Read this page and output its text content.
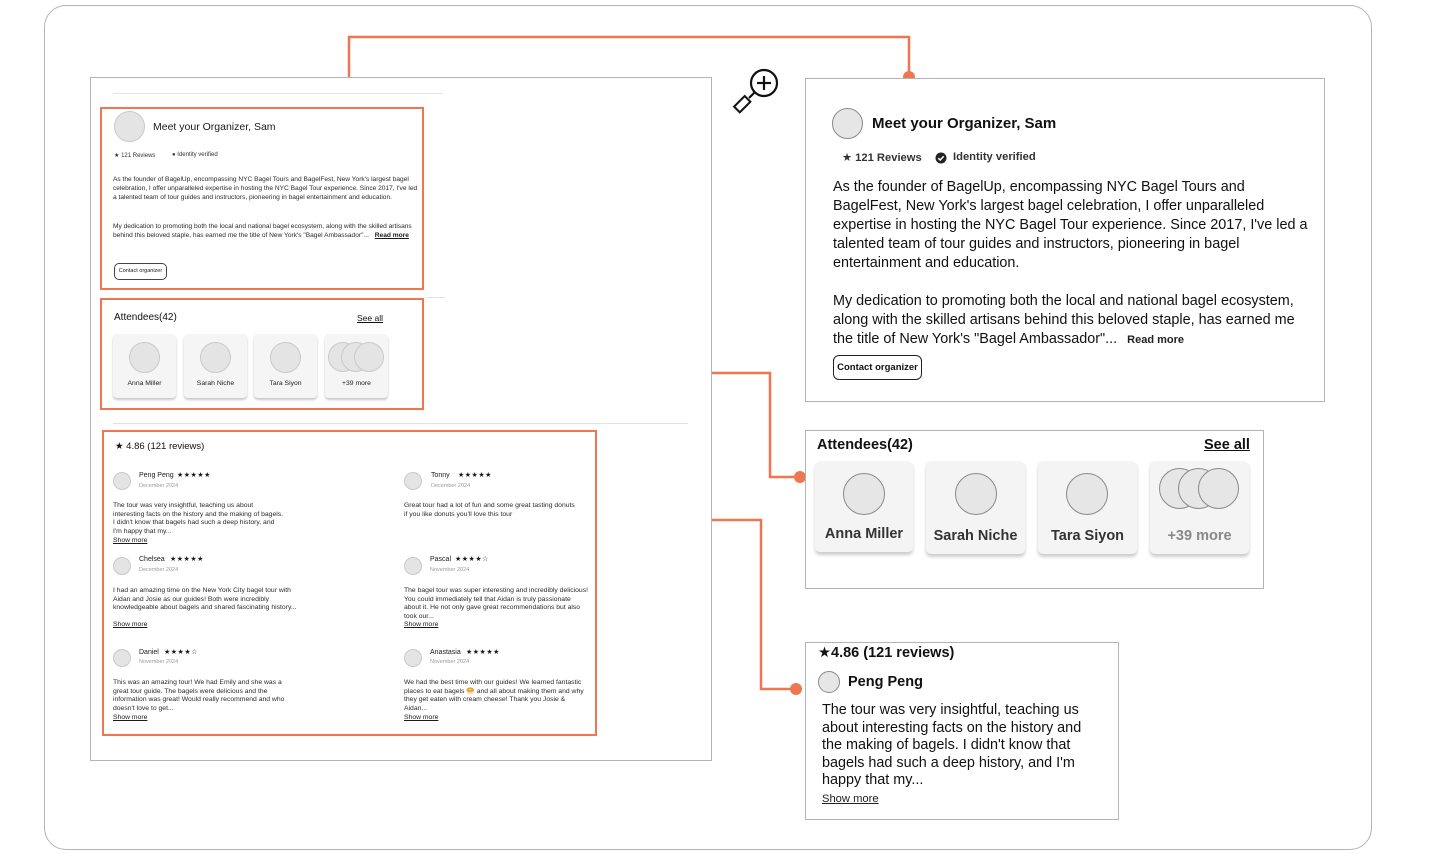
Meet your Organizer, Sam
★ 121 Reviews	● Identity verified
As the founder of BagelUp, encompassing NYC Bagel Tours and BagelFest, New York's largest bagel celebration, I offer unparalleled expertise in hosting the NYC Bagel Tour experience. Since 2017, I've led a talented team of tour guides and instructors, pioneering in bagel entertainment and education.
My dedication to promoting both the local and national bagel ecosystem, along with the skilled artisans behind this beloved staple, has earned me the title of New York's "Bagel Ambassador"... Read more
Contact organizer
Attendees(42)	See all
Anna Miller	Sarah Niche	Tara Siyon	+39 more
★ 4.86 (121 reviews)
Peng Peng ★★★★★
December 2024
The tour was very insightful, teaching us about interesting facts on the history and the making of bagels. I didn't know that bagels had such a deep history, and I'm happy that my...
Show more
Tonny ★★★★★
December 2024
Great tour had a lot of fun and some great tasting donuts if you like donuts you'll love this tour
Chelsea ★★★★★
December 2024
I had an amazing time on the New York City bagel tour with Aidan and Josie as our guides! Both were incredibly knowledgeable about bagels and shared fascinating history...
Show more
Pascal ★★★★☆
November 2024
The bagel tour was super interesting and incredibly delicious! You could immediately tell that Aidan is truly passionate about it. He not only gave great recommendations but also took our...
Show more
Daniel ★★★★☆
November 2024
This was an amazing tour! We had Emily and she was a great tour guide. The bagels were delicious and the information was great! Would really recommend and who doesn't love to get...
Show more
Anastasia ★★★★★
November 2024
We had the best time with our guides! We learned fantastic places to eat bagels 🥯 and all about making them and why they get eaten with cream cheese! Thank you Josie & Aidan...
Show more
Meet your Organizer, Sam
★ 121 Reviews	Identity verified
As the founder of BagelUp, encompassing NYC Bagel Tours and BagelFest, New York's largest bagel celebration, I offer unparalleled expertise in hosting the NYC Bagel Tour experience. Since 2017, I've led a talented team of tour guides and instructors, pioneering in bagel entertainment and education.
My dedication to promoting both the local and national bagel ecosystem, along with the skilled artisans behind this beloved staple, has earned me the title of New York's "Bagel Ambassador"... Read more
Contact organizer
Attendees(42)	See all
Anna Miller	Sarah Niche	Tara Siyon	+39 more
★4.86 (121 reviews)
Peng Peng
The tour was very insightful, teaching us about interesting facts on the history and the making of bagels. I didn't know that bagels had such a deep history, and I'm happy that my...
Show more
